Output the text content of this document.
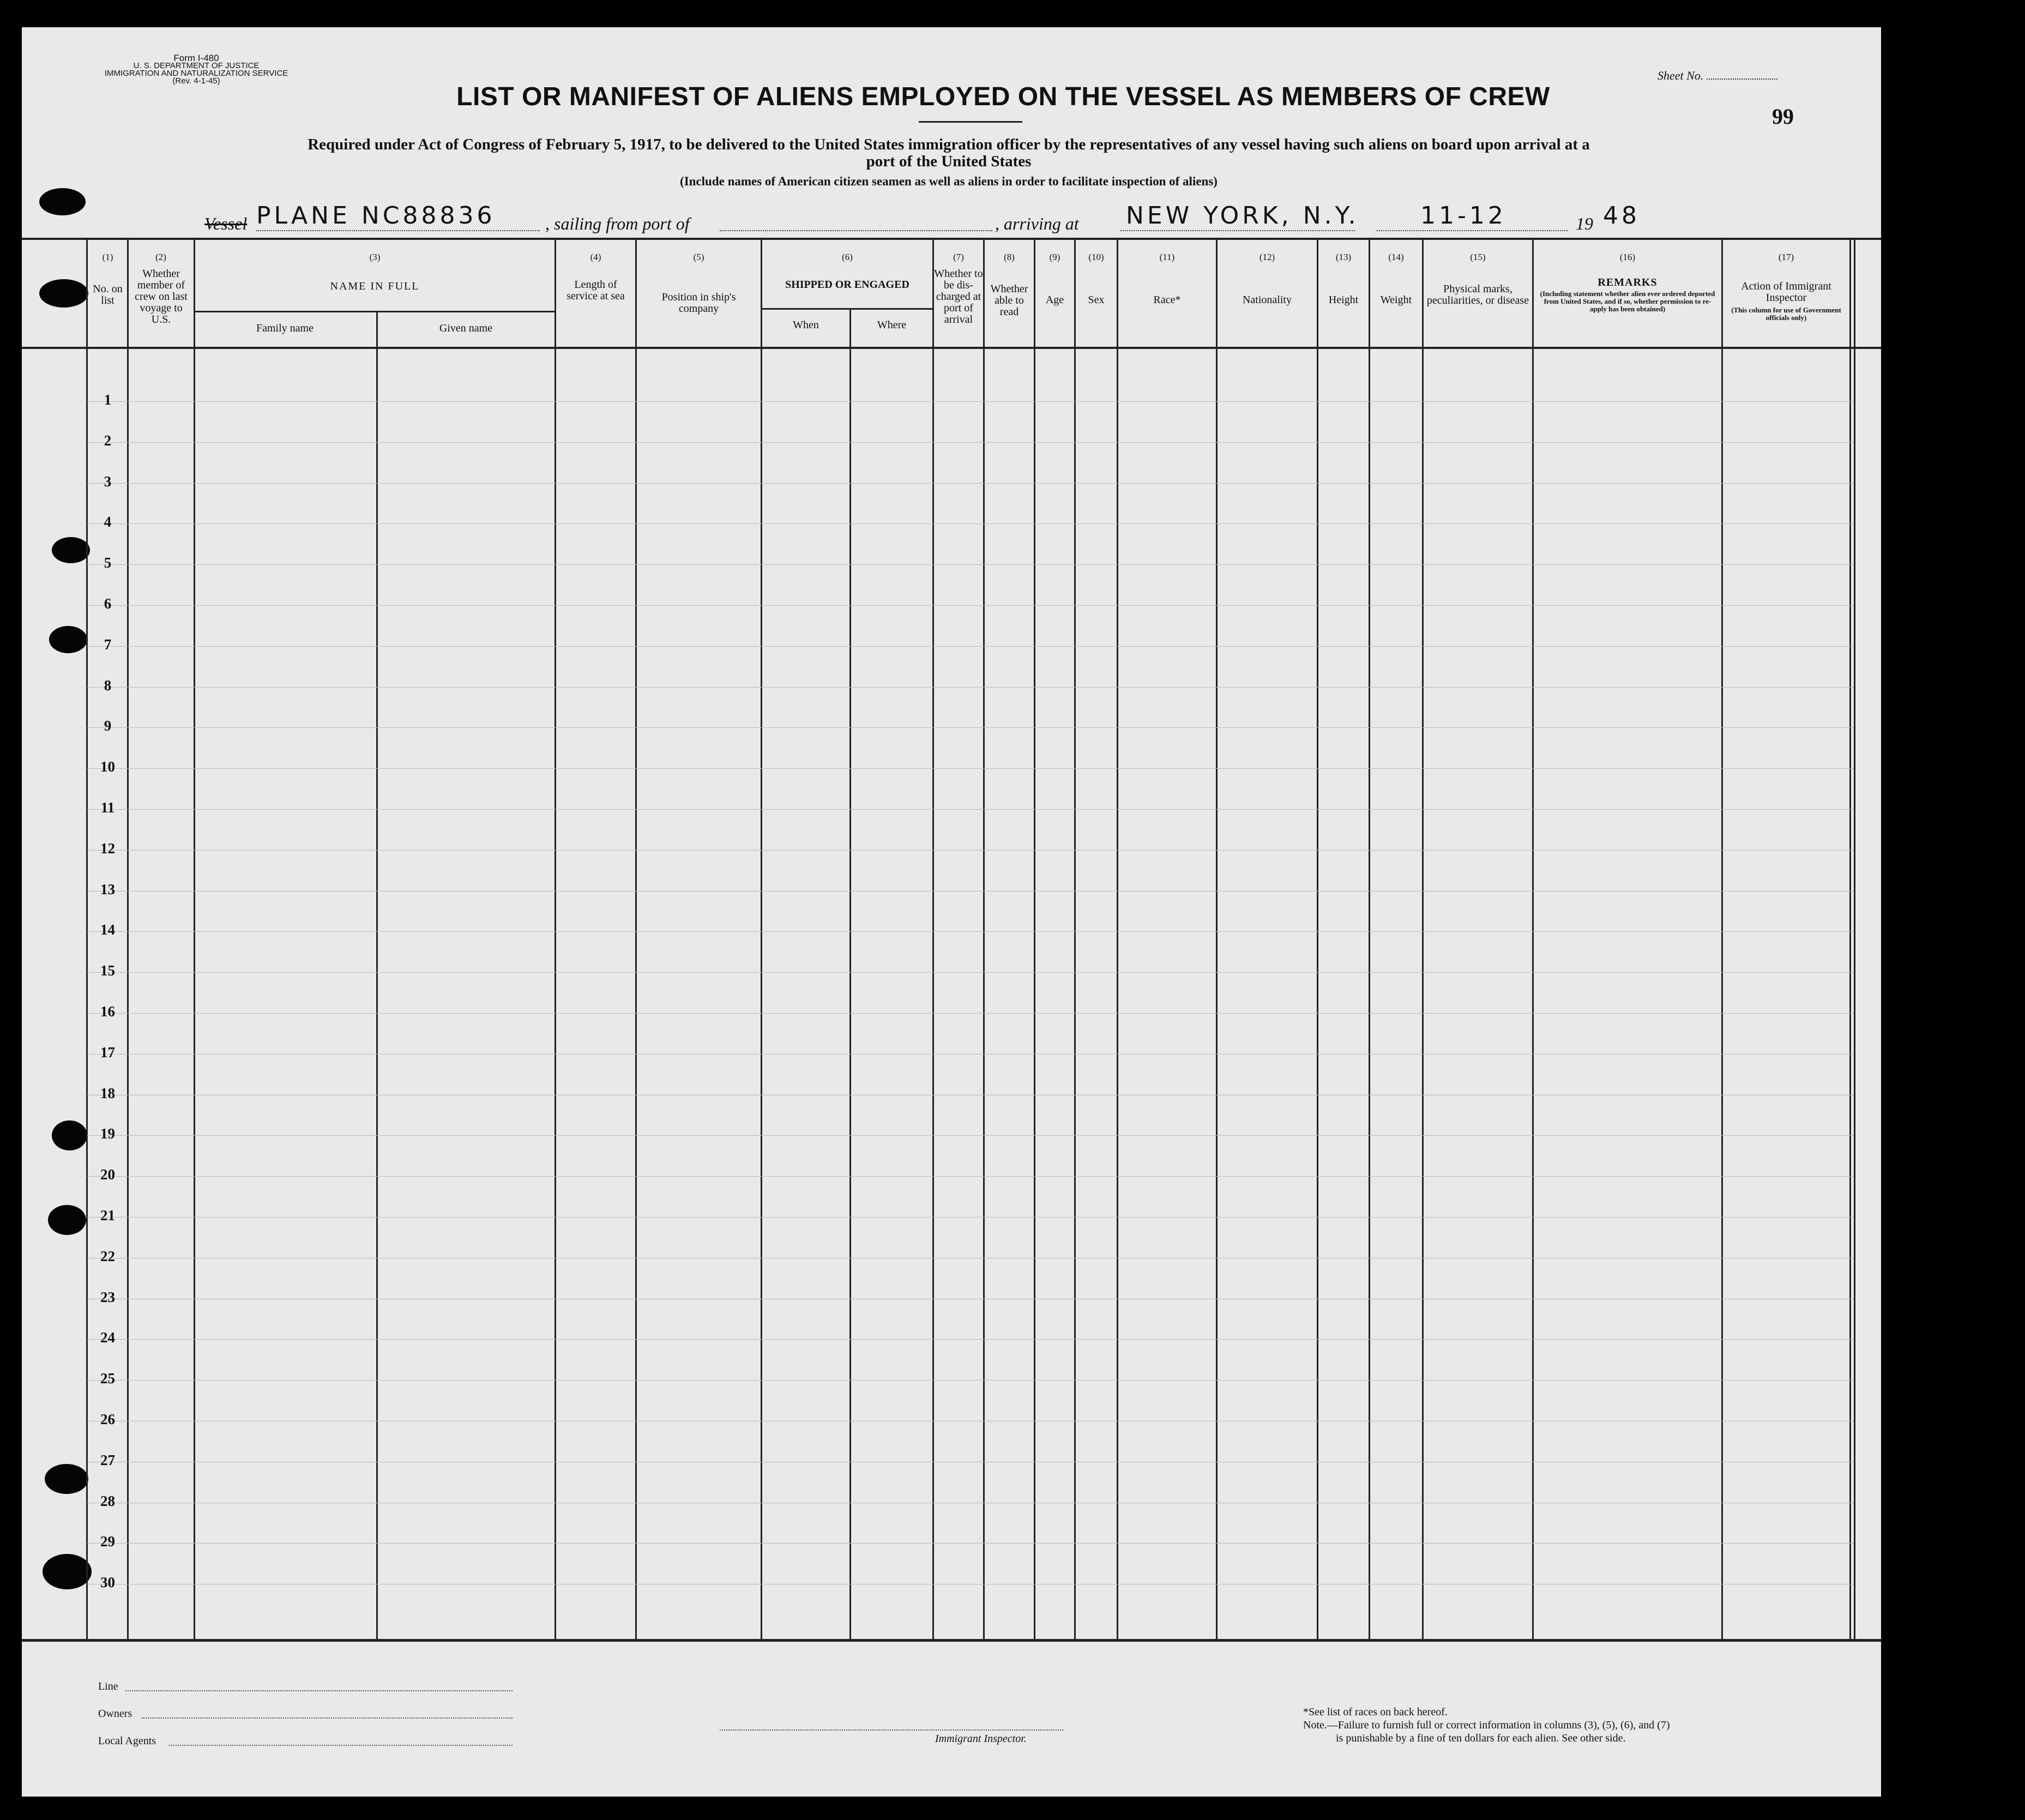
Form I-480
U. S. DEPARTMENT OF JUSTICE
IMMIGRATION AND NATURALIZATION SERVICE
(Rev. 4-1-45)
LIST OR MANIFEST OF ALIENS EMPLOYED ON THE VESSEL AS MEMBERS OF CREW
Sheet No.
99
Required under Act of Congress of February 5, 1917, to be delivered to the United States immigration officer by the representatives of any vessel having such aliens on board upon arrival at a
port of the United States
(Include names of American citizen seamen as well as aliens in order to facilitate inspection of aliens)
Vessel PLANE NC88836	, sailing from port of	, arriving at NEW YORK, N.Y.	11-12	19 48
(1)
No. on list
(2)
Whether member of crew on last voyage to U.S.
(3)
NAME IN FULL
Family name	Given name
(4)
Length of service at sea
(5)
Position in ship's company
(6)
SHIPPED OR ENGAGED
When	Where
(7)
Whether to be dis-charged at port of arrival
(8)
Whether able to read
(9)
Age
(10)
Sex
(11)
Race*
(12)
Nationality
(13)
Height
(14)
Weight
(15)
Physical marks, peculiarities, or disease
(16)
REMARKS
(Including statement whether alien ever ordered deported from United States, and if so, whether permission to re-apply has been obtained)
(17)
Action of Immigrant Inspector
(This column for use of Government officials only)
1
2
3
4
5
6
7
8
9
10
11
12
13
14
15
16
17
18
19
20
21
22
23
24
25
26
27
28
29
30
Line
Owners
Local Agents	Immigrant Inspector.
*See list of races on back hereof.
Note.—Failure to furnish full or correct information in columns (3), (5), (6), and (7)
is punishable by a fine of ten dollars for each alien. See other side.
